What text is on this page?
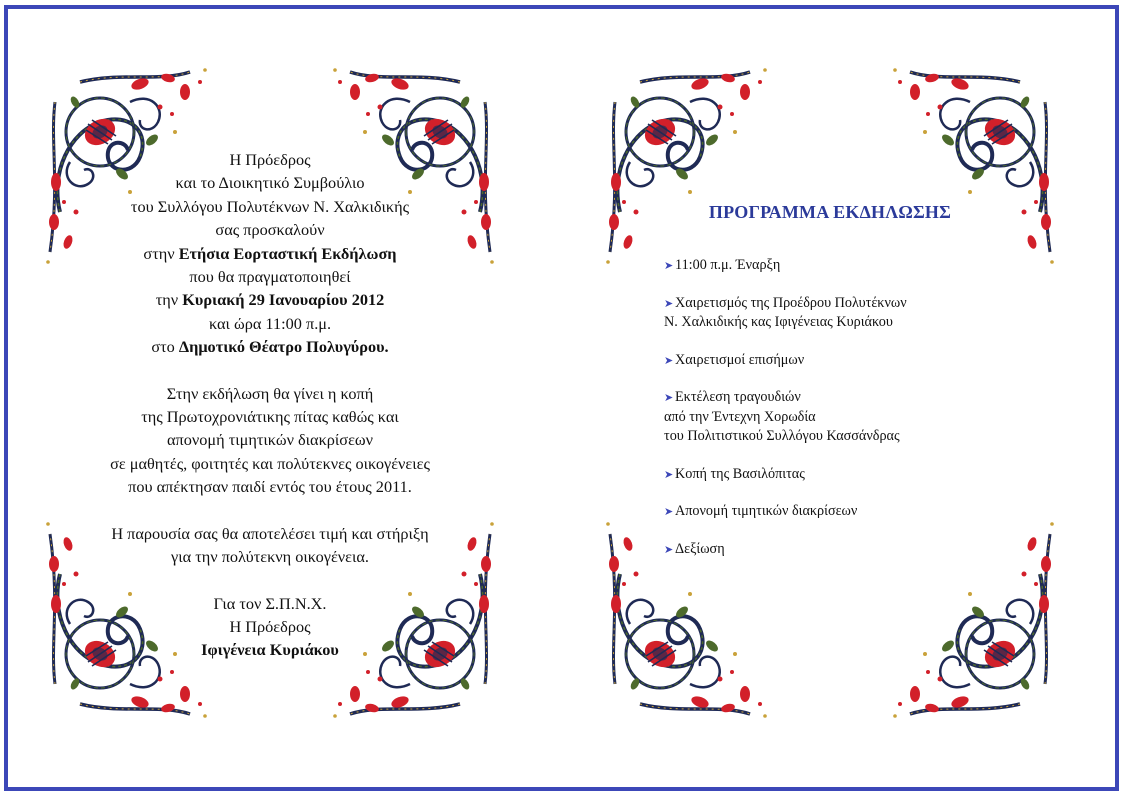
Η Πρόεδρος
και το Διοικητικό Συμβούλιο
του Συλλόγου Πολυτέκνων Ν. Χαλκιδικής
σας προσκαλούν
στην Ετήσια Εορταστική Εκδήλωση
που θα πραγματοποιηθεί
την Κυριακή 29 Ιανουαρίου 2012
και ώρα 11:00 π.μ.
στο Δημοτικό Θέατρο Πολυγύρου.
Στην εκδήλωση θα γίνει η κοπή
της Πρωτοχρονιάτικης πίτας καθώς και
απονομή τιμητικών διακρίσεων
σε μαθητές, φοιτητές και πολύτεκνες οικογένειες
που απέκτησαν παιδί εντός του έτους 2011.
Η παρουσία σας θα αποτελέσει τιμή και στήριξη
για την πολύτεκνη οικογένεια.
Για τον Σ.Π.Ν.Χ.
Η Πρόεδρος
Ιφιγένεια Κυριάκου
ΠΡΟΓΡΑΜΜΑ ΕΚΔΗΛΩΣΗΣ
➤ 11:00 π.μ. Έναρξη
➤ Χαιρετισμός της Προέδρου Πολυτέκνων
Ν. Χαλκιδικής κας Ιφιγένειας Κυριάκου
➤ Χαιρετισμοί επισήμων
➤ Εκτέλεση τραγουδιών
από την Έντεχνη Χορωδία
του Πολιτιστικού Συλλόγου Κασσάνδρας
➤ Κοπή της Βασιλόπιτας
➤ Απονομή τιμητικών διακρίσεων
➤ Δεξίωση
